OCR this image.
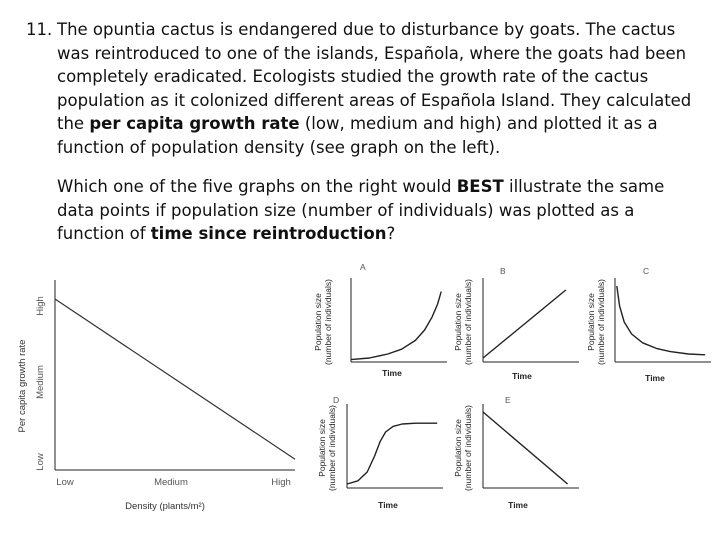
11. The opuntia cactus is endangered due to disturbance by goats. The cactus was reintroduced to one of the islands, Española, where the goats had been completely eradicated. Ecologists studied the growth rate of the cactus population as it colonized different areas of Española Island. They calculated the per capita growth rate (low, medium and high) and plotted it as a function of population density (see graph on the left).
Which one of the five graphs on the right would BEST illustrate the same data points if population size (number of individuals) was plotted as a function of time since reintroduction?
Low	Medium	High
Low
Medium
High
Density (plants/m²)
Per capita growth rate
A
Time
Population size (number of individuals)
B
Time
Population size (number of individuals)
C
Time
Population size (number of individuals)
D
Time
Population size (number of individuals)
E
Time
Population size (number of individuals)
